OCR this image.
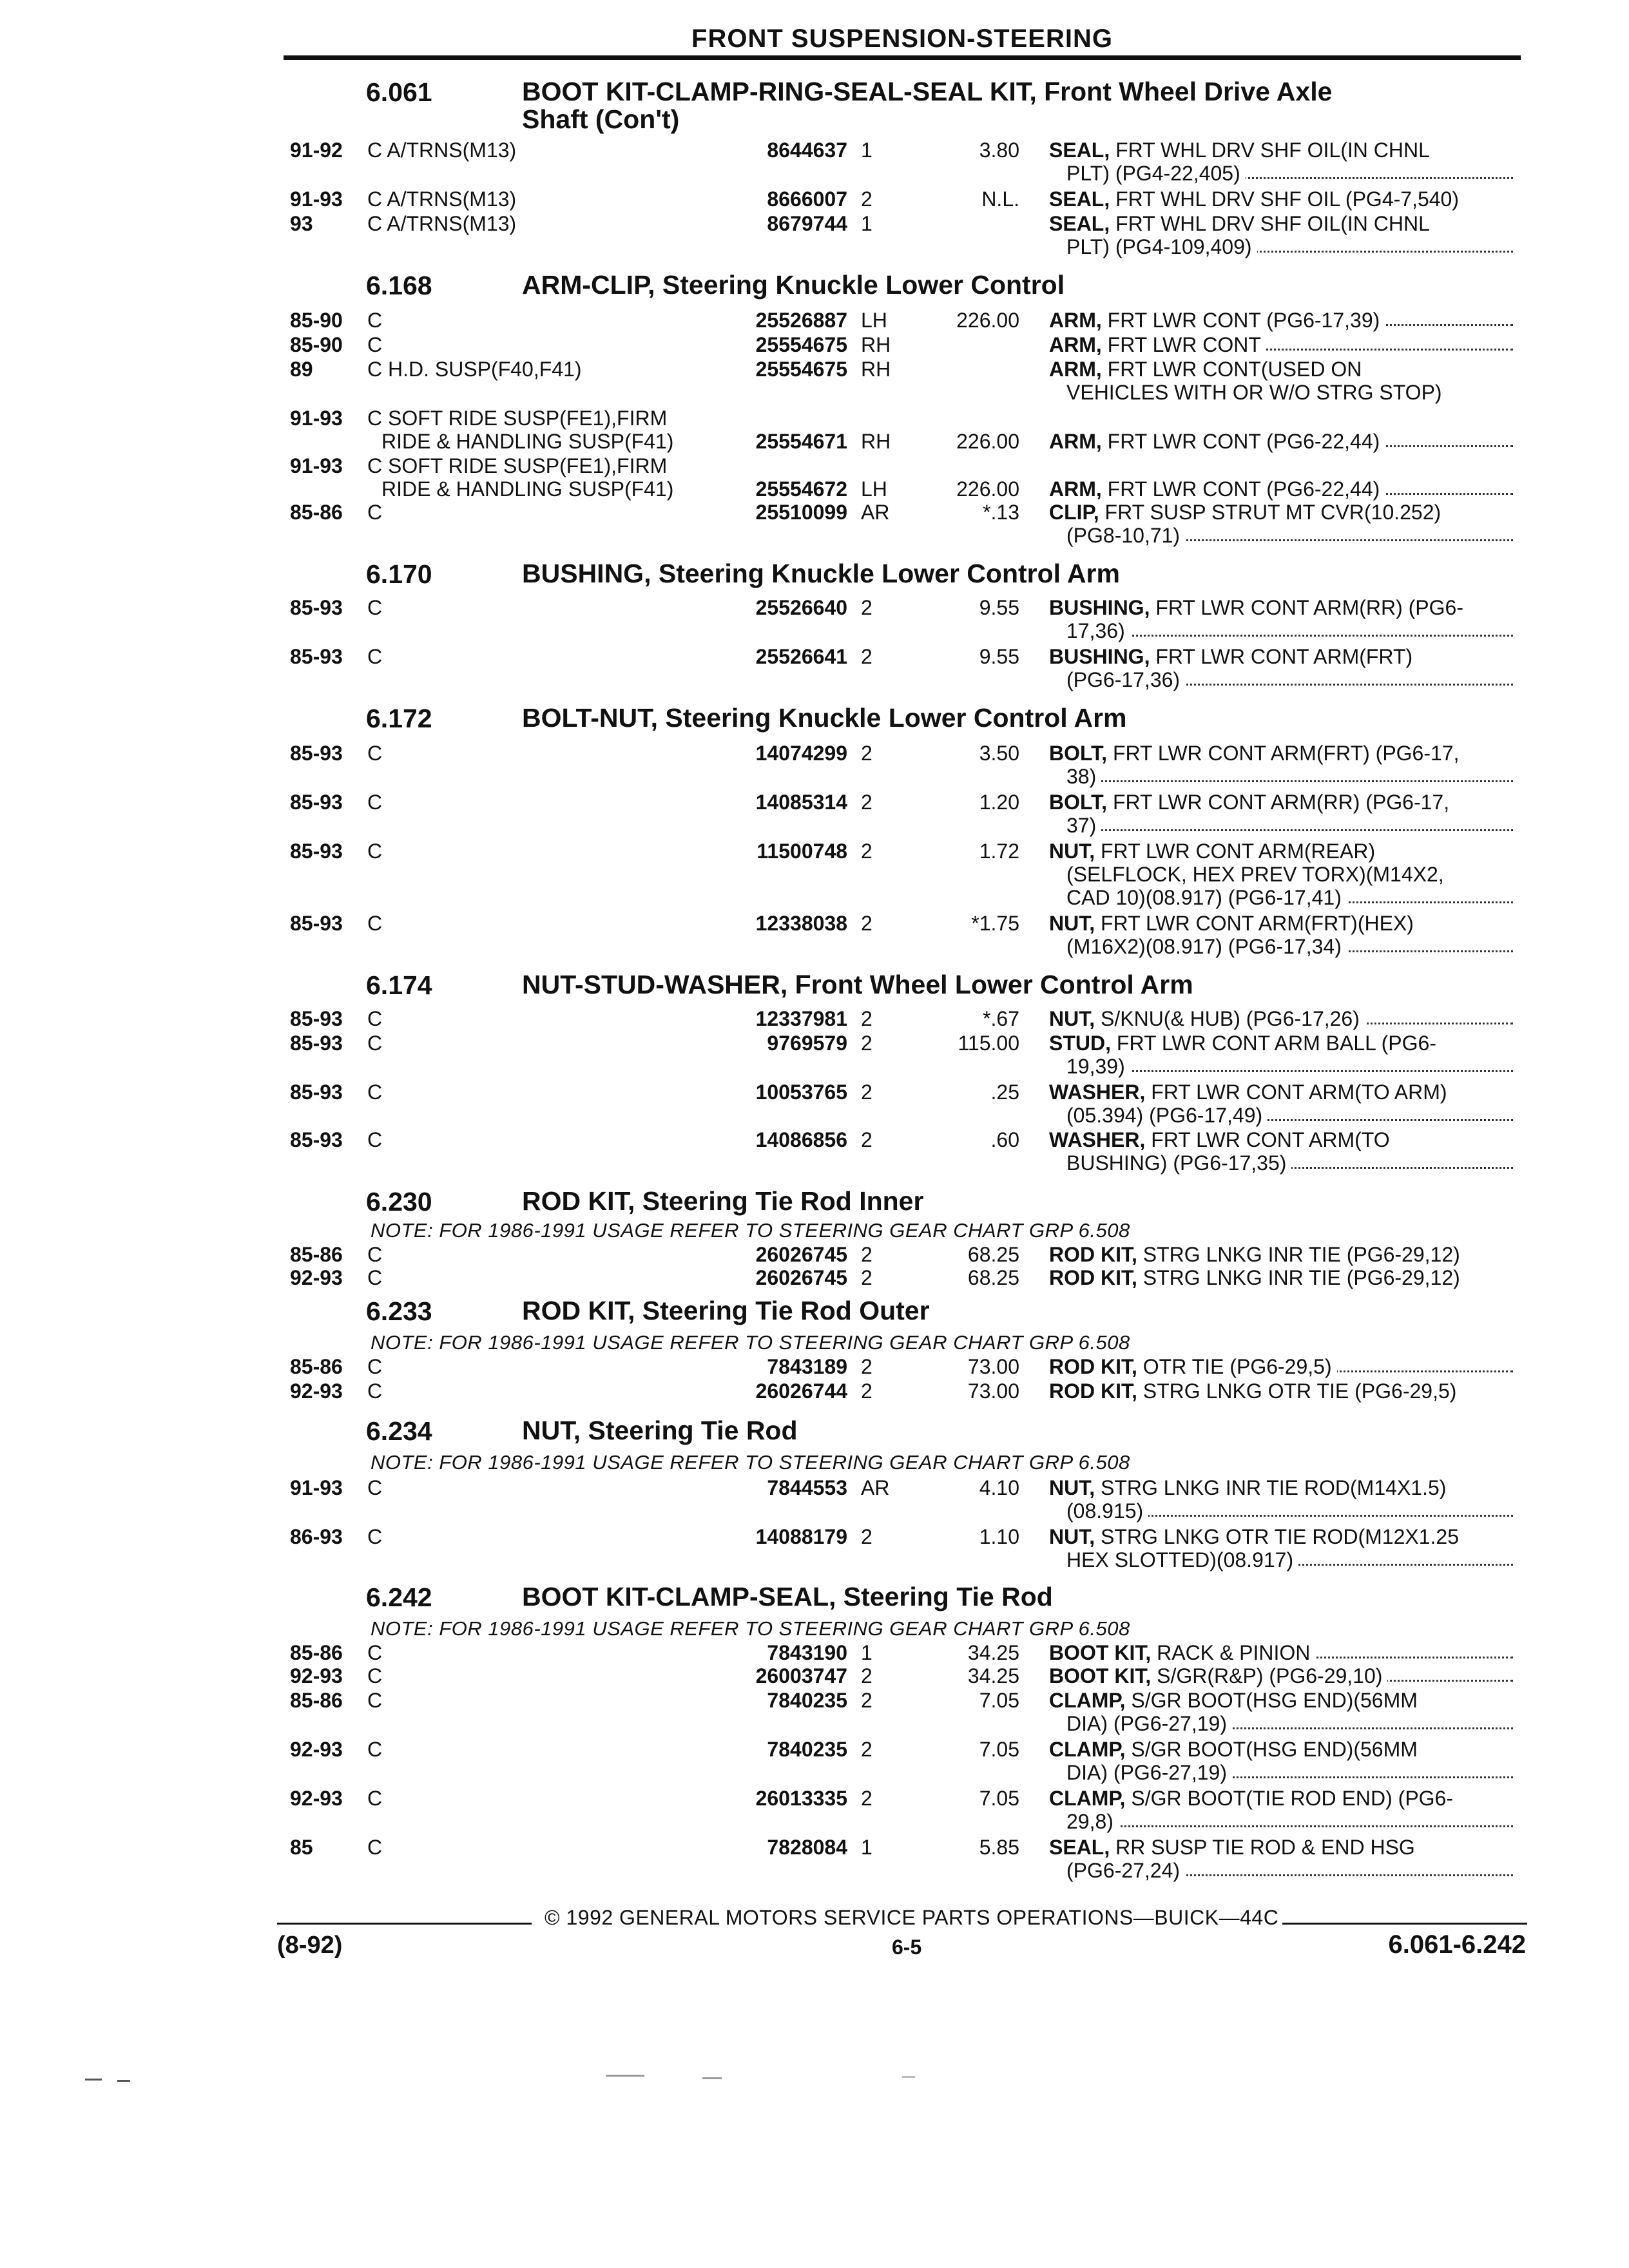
FRONT SUSPENSION-STEERING
6.061	BOOT KIT-CLAMP-RING-SEAL-SEAL KIT, Front Wheel Drive Axle
Shaft (Con't)
91-92 C A/TRNS(M13)	8644637 1	3.80 SEAL, FRT WHL DRV SHF OIL(IN CHNL
PLT) (PG4-22,405)
91-93 C A/TRNS(M13)	8666007 2	N.L. SEAL, FRT WHL DRV SHF OIL (PG4-7,540)
93	C A/TRNS(M13)	8679744 1	SEAL, FRT WHL DRV SHF OIL(IN CHNL
PLT) (PG4-109,409)
6.168	ARM-CLIP, Steering Knuckle Lower Control
85-90 C	25526887 LH	226.00 ARM, FRT LWR CONT (PG6-17,39)
85-90 C	25554675 RH	ARM, FRT LWR CONT
89	C H.D. SUSP(F40,F41)	25554675 RH	ARM, FRT LWR CONT(USED ON
VEHICLES WITH OR W/O STRG STOP)
91-93 C SOFT RIDE SUSP(FE1),FIRM
RIDE & HANDLING SUSP(F41)	25554671 RH	226.00 ARM, FRT LWR CONT (PG6-22,44)
91-93 C SOFT RIDE SUSP(FE1),FIRM
RIDE & HANDLING SUSP(F41)	25554672 LH	226.00 ARM, FRT LWR CONT (PG6-22,44)
85-86 C	25510099 AR	*.13 CLIP, FRT SUSP STRUT MT CVR(10.252)
(PG8-10,71)
6.170	BUSHING, Steering Knuckle Lower Control Arm
85-93 C	25526640 2	9.55 BUSHING, FRT LWR CONT ARM(RR) (PG6-
17,36)
85-93 C	25526641 2	9.55 BUSHING, FRT LWR CONT ARM(FRT)
(PG6-17,36)
6.172	BOLT-NUT, Steering Knuckle Lower Control Arm
85-93 C	14074299 2	3.50 BOLT, FRT LWR CONT ARM(FRT) (PG6-17,
38)
85-93 C	14085314 2	1.20 BOLT, FRT LWR CONT ARM(RR) (PG6-17,
37)
85-93 C	11500748 2	1.72 NUT, FRT LWR CONT ARM(REAR)
(SELFLOCK, HEX PREV TORX)(M14X2,
CAD 10)(08.917) (PG6-17,41)
85-93 C	12338038 2	*1.75 NUT, FRT LWR CONT ARM(FRT)(HEX)
(M16X2)(08.917) (PG6-17,34)
6.174	NUT-STUD-WASHER, Front Wheel Lower Control Arm
85-93 C	12337981 2	*.67 NUT, S/KNU(& HUB) (PG6-17,26)
85-93 C	9769579 2	115.00 STUD, FRT LWR CONT ARM BALL (PG6-
19,39)
85-93 C	10053765 2	.25 WASHER, FRT LWR CONT ARM(TO ARM)
(05.394) (PG6-17,49)
85-93 C	14086856 2	.60 WASHER, FRT LWR CONT ARM(TO
BUSHING) (PG6-17,35)
6.230	ROD KIT, Steering Tie Rod Inner
NOTE: FOR 1986-1991 USAGE REFER TO STEERING GEAR CHART GRP 6.508
85-86 C	26026745 2	68.25 ROD KIT, STRG LNKG INR TIE (PG6-29,12)
92-93 C	26026745 2	68.25 ROD KIT, STRG LNKG INR TIE (PG6-29,12)
6.233	ROD KIT, Steering Tie Rod Outer
NOTE: FOR 1986-1991 USAGE REFER TO STEERING GEAR CHART GRP 6.508
85-86 C	7843189 2	73.00 ROD KIT, OTR TIE (PG6-29,5)
92-93 C	26026744 2	73.00 ROD KIT, STRG LNKG OTR TIE (PG6-29,5)
6.234	NUT, Steering Tie Rod
NOTE: FOR 1986-1991 USAGE REFER TO STEERING GEAR CHART GRP 6.508
91-93 C	7844553 AR	4.10 NUT, STRG LNKG INR TIE ROD(M14X1.5)
(08.915)
86-93 C	14088179 2	1.10 NUT, STRG LNKG OTR TIE ROD(M12X1.25
HEX SLOTTED)(08.917)
6.242	BOOT KIT-CLAMP-SEAL, Steering Tie Rod
NOTE: FOR 1986-1991 USAGE REFER TO STEERING GEAR CHART GRP 6.508
85-86 C	7843190 1	34.25 BOOT KIT, RACK & PINION
92-93 C	26003747 2	34.25 BOOT KIT, S/GR(R&P) (PG6-29,10)
85-86 C	7840235 2	7.05 CLAMP, S/GR BOOT(HSG END)(56MM
DIA) (PG6-27,19)
92-93 C	7840235 2	7.05 CLAMP, S/GR BOOT(HSG END)(56MM
DIA) (PG6-27,19)
92-93 C	26013335 2	7.05 CLAMP, S/GR BOOT(TIE ROD END) (PG6-
29,8)
85	C	7828084 1	5.85 SEAL, RR SUSP TIE ROD & END HSG
(PG6-27,24)
© 1992 GENERAL MOTORS SERVICE PARTS OPERATIONS—BUICK—44C
(8-92)	6-5	6.061-6.242
